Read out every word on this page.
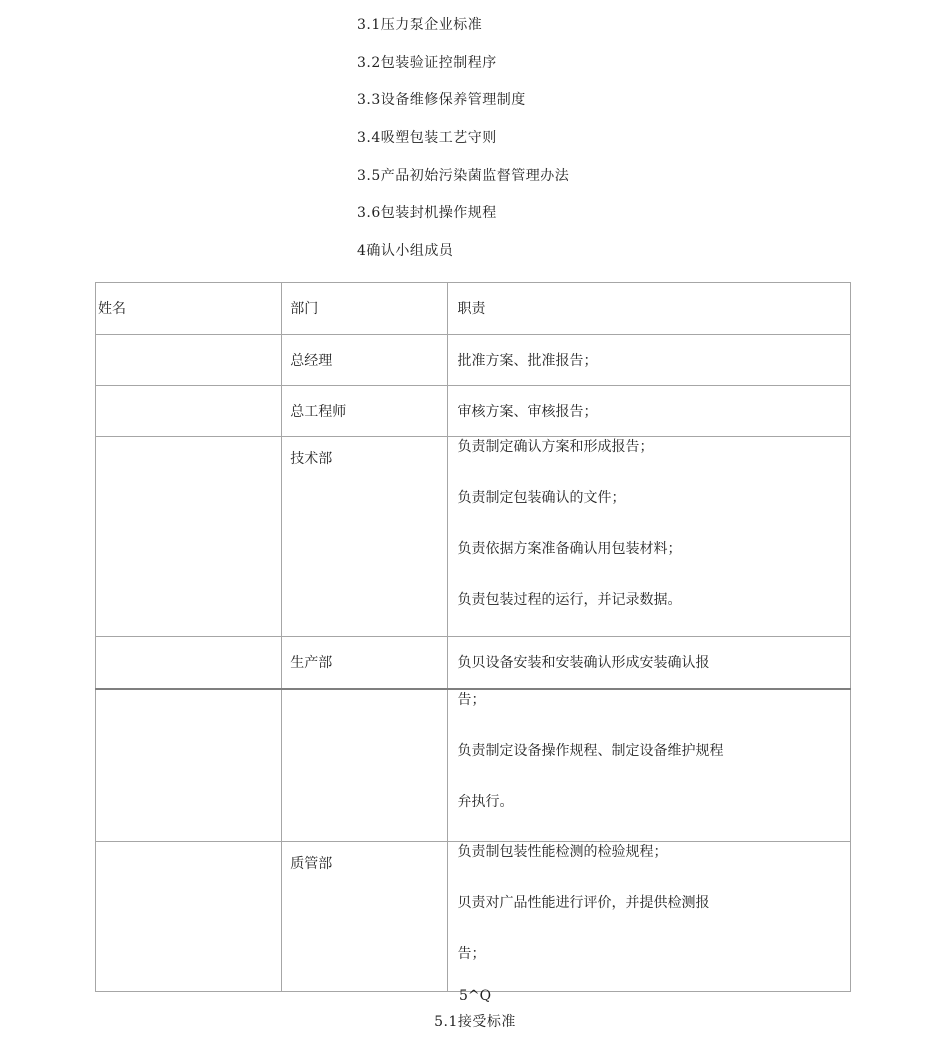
3.1压力泵企业标准
3.2包装验证控制程序
3.3设备维修保养管理制度
3.4吸塑包装工艺守则
3.5产品初始污染菌监督管理办法
3.6包装封机操作规程
4确认小组成员
姓名	部门	职责

	总经理	批准方案、批准报告；

	总工程师	审核方案、审核报告；

	技术部	负责制定确认方案和形成报告；
负责制定包装确认的文件；
负责依据方案准备确认用包装材料；
负责包装过程的运行，并记录数据。

	生产部	负贝设备安装和安装确认形成安装确认报

		告；
负责制定设备操作规程、制定设备维护规程
弁执行。

	质管部	负责制包装性能检测的检验规程；
贝责对广品性能进行评价，并提供检测报
告；
5^Q
5.1接受标准
